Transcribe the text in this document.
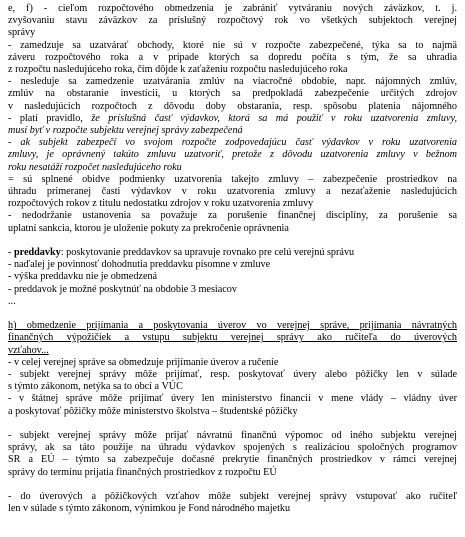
e, f) - cieľom rozpočtového obmedzenia je zabrániť vytváraniu nových záväzkov, t. j.
zvyšovaniu stavu záväzkov za príslušný rozpočtový rok vo všetkých subjektoch verejnej
správy
- zamedzuje sa uzatvárať obchody, ktoré nie sú v rozpočte zabezpečené, týka sa to najmä
záveru rozpočtového roka a v prípade ktorých sa dopredu počíta s tým, že sa uhradia
z rozpočtu nasledujúceho roka, čím dôjde k zaťaženiu rozpočtu nasledujúceho roka
- nesleduje sa zamedzenie uzatvárania zmlúv na viacročné obdobie, napr. nájomných zmlúv,
zmlúv na obstaranie investícií, u ktorých sa predpokladá zabezpečenie určitých zdrojov
v nasledujúcich rozpočtoch z dôvodu doby obstarania, resp. spôsobu platenia nájomného
- platí pravidlo, že príslušná časť výdavkov, ktorá sa má použiť v roku uzatvorenia zmluvy,
musí byť v rozpočte subjektu verejnej správy zabezpečená
- ak subjekt zabezpečí vo svojom rozpočte zodpovedajúcu časť výdavkov v roku uzatvorenia
zmluvy, je oprávnený takúto zmluvu uzatvoriť, pretože z dôvodu uzatvorenia zmluvy v bežnom
roku nesatáží rozpočet nasledujúceho roku
= sú splnené obidve podmienky uzatvorenia takejto zmluvy – zabezpečenie prostriedkov na
úhradu primeranej časti výdavkov v roku uzatvorenia zmluvy a nezaťaženie nasledujúcich
rozpočtových rokov z titulu nedostatku zdrojov v roku uzatvorenia zmluvy
- nedodržanie ustanovenia sa považuje za porušenie finančnej disciplíny, za porušenie sa
uplatní sankcia, ktorou je uloženie pokuty za prekročenie oprávnenia
- preddavky: poskytovanie preddavkov sa upravuje rovnako pre celú verejnú správu
- naďalej je povinnosť dohodnutia preddavku písomne v zmluve
- výška preddavku nie je obmedzená
- preddavok je možné poskytnúť na obdobie 3 mesiacov
...
h) obmedzenie prijímania a poskytovania úverov vo verejnej správe, prijímania návratných
finančných výpožičiek a vstupu subjektu verejnej správy ako ručiteľa do úverových
vzťahov...
- v celej verejnej správe sa obmedzuje prijímanie úverov a ručenie
- subjekt verejnej správy môže prijímať, resp. poskytovať úvery alebo pôžičky len v súlade
s týmto zákonom, netýka sa to obcí a VÚC
- v štátnej správe môže prijímať úvery len ministerstvo financií v mene vlády – vládny úver
a poskytovať pôžičky môže ministerstvo školstva – študentské pôžičky
- subjekt verejnej správy môže prijať návratnú finančnú výpomoc od iného subjektu verejnej
správy, ak sa táto použije na úhradu výdavkov spojených s realizáciou spoločných programov
SR a EÚ – týmto sa zabezpečuje dočasné prekrytie finančných prostriedkov v rámci verejnej
správy do termínu prijatia finančných prostriedkov z rozpočtu EÚ
- do úverových a pôžičkových vzťahov môže subjekt verejnej správy vstupovať ako ručiteľ
len v súlade s týmto zákonom, výnimkou je Fond národného majetku
